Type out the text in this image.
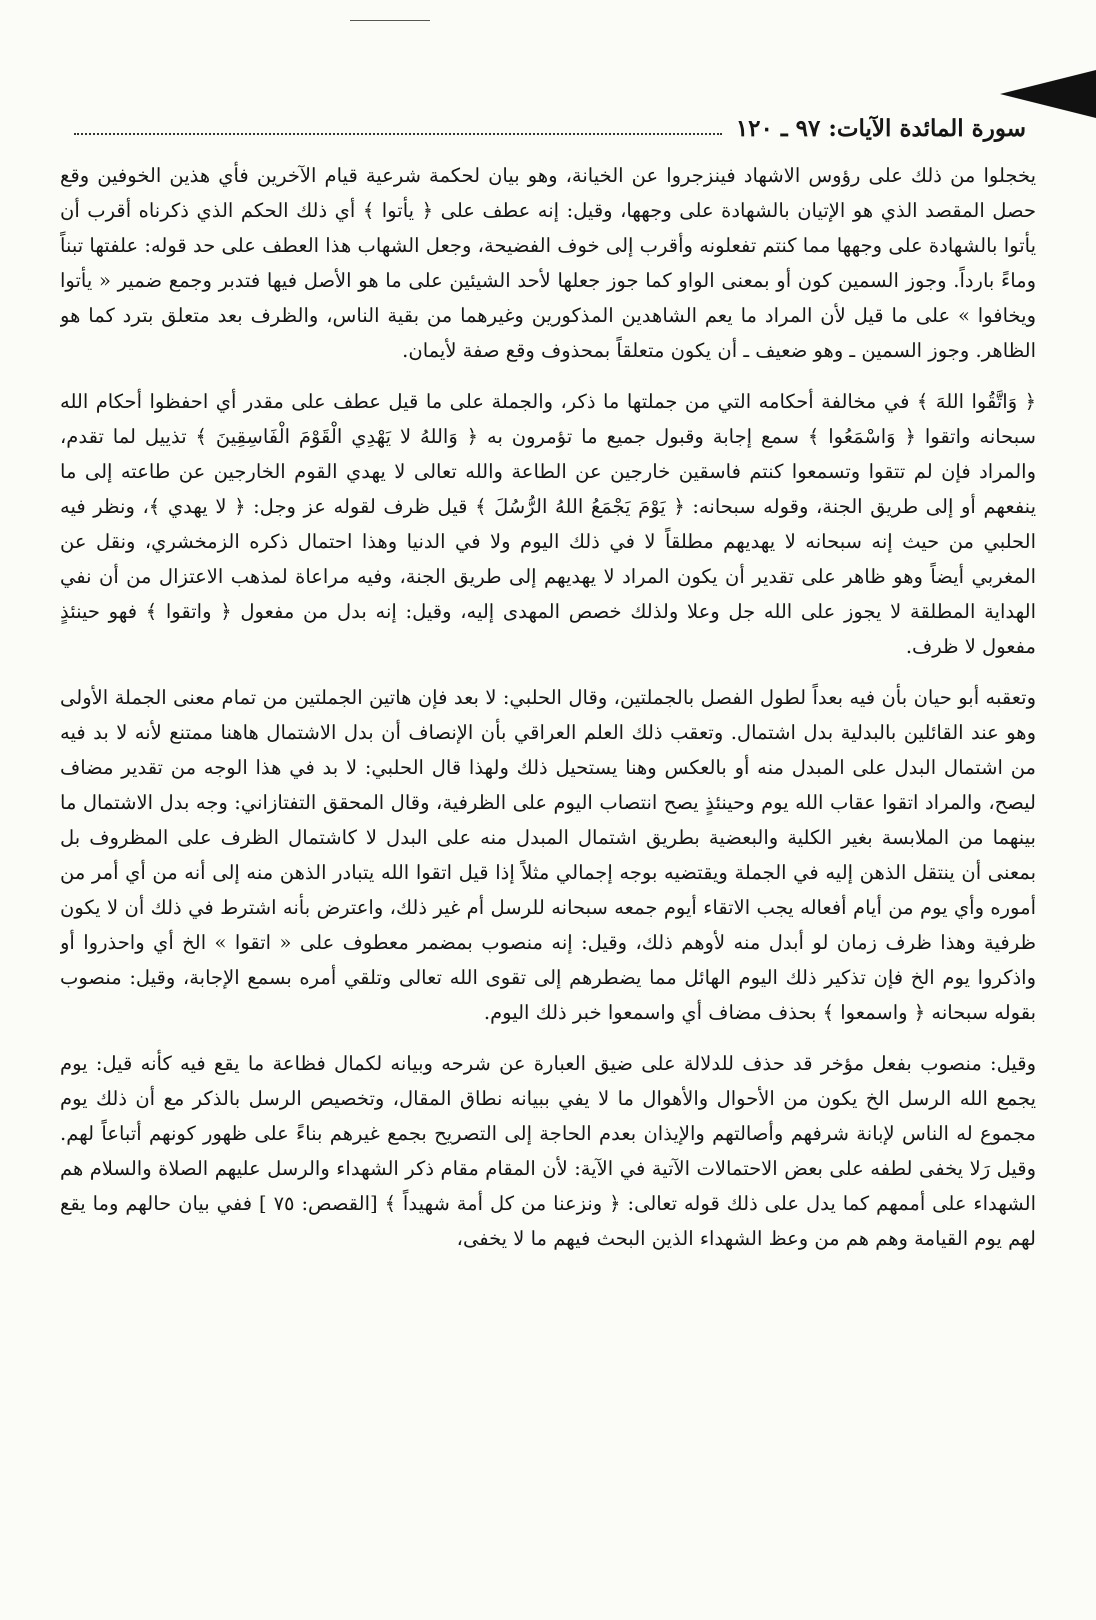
سورة المائدة الآيات: ٩٧ ـ ١٢٠

يخجلوا من ذلك على رؤوس الاشهاد فينزجروا عن الخيانة، وهو بيان لحكمة شرعية قيام الآخرين فأي هذين الخوفين وقع حصل المقصد الذي هو الإتيان بالشهادة على وجهها، وقيل: إنه عطف على ﴿ يأتوا ﴾ أي ذلك الحكم الذي ذكرناه أقرب أن يأتوا بالشهادة على وجهها مما كنتم تفعلونه وأقرب إلى خوف الفضيحة، وجعل الشهاب هذا العطف على حد قوله: علفتها تبناً وماءً بارداً. وجوز السمين كون أو بمعنى الواو كما جوز جعلها لأحد الشيئين على ما هو الأصل فيها فتدبر وجمع ضمير « يأتوا ويخافوا » على ما قيل لأن المراد ما يعم الشاهدين المذكورين وغيرهما من بقية الناس، والظرف بعد متعلق بترد كما هو الظاهر. وجوز السمين ـ وهو ضعيف ـ أن يكون متعلقاً بمحذوف وقع صفة لأيمان.

﴿ وَاتَّقُوا اللهَ ﴾ في مخالفة أحكامه التي من جملتها ما ذكر، والجملة على ما قيل عطف على مقدر أي احفظوا أحكام الله سبحانه واتقوا ﴿ وَاسْمَعُوا ﴾ سمع إجابة وقبول جميع ما تؤمرون به ﴿ وَاللهُ لا يَهْدِي الْقَوْمَ الْفَاسِقِينَ ﴾ تذييل لما تقدم، والمراد فإن لم تتقوا وتسمعوا كنتم فاسقين خارجين عن الطاعة والله تعالى لا يهدي القوم الخارجين عن طاعته إلى ما ينفعهم أو إلى طريق الجنة، وقوله سبحانه: ﴿ يَوْمَ يَجْمَعُ اللهُ الرُّسُلَ ﴾ قيل ظرف لقوله عز وجل: ﴿ لا يهدي ﴾، ونظر فيه الحلبي من حيث إنه سبحانه لا يهديهم مطلقاً لا في ذلك اليوم ولا في الدنيا وهذا احتمال ذكره الزمخشري، ونقل عن المغربي أيضاً وهو ظاهر على تقدير أن يكون المراد لا يهديهم إلى طريق الجنة، وفيه مراعاة لمذهب الاعتزال من أن نفي الهداية المطلقة لا يجوز على الله جل وعلا ولذلك خصص المهدى إليه، وقيل: إنه بدل من مفعول ﴿ واتقوا ﴾ فهو حينئذٍ مفعول لا ظرف.

وتعقبه أبو حيان بأن فيه بعداً لطول الفصل بالجملتين، وقال الحلبي: لا بعد فإن هاتين الجملتين من تمام معنى الجملة الأولى وهو عند القائلين بالبدلية بدل اشتمال. وتعقب ذلك العلم العراقي بأن الإنصاف أن بدل الاشتمال هاهنا ممتنع لأنه لا بد فيه من اشتمال البدل على المبدل منه أو بالعكس وهنا يستحيل ذلك ولهذا قال الحلبي: لا بد في هذا الوجه من تقدير مضاف ليصح، والمراد اتقوا عقاب الله يوم وحينئذٍ يصح انتصاب اليوم على الظرفية، وقال المحقق التفتازاني: وجه بدل الاشتمال ما بينهما من الملابسة بغير الكلية والبعضية بطريق اشتمال المبدل منه على البدل لا كاشتمال الظرف على المظروف بل بمعنى أن ينتقل الذهن إليه في الجملة ويقتضيه بوجه إجمالي مثلاً إذا قيل اتقوا الله يتبادر الذهن منه إلى أنه من أي أمر من أموره وأي يوم من أيام أفعاله يجب الاتقاء أيوم جمعه سبحانه للرسل أم غير ذلك، واعترض بأنه اشترط في ذلك أن لا يكون ظرفية وهذا ظرف زمان لو أبدل منه لأوهم ذلك، وقيل: إنه منصوب بمضمر معطوف على « اتقوا » الخ أي واحذروا أو واذكروا يوم الخ فإن تذكير ذلك اليوم الهائل مما يضطرهم إلى تقوى الله تعالى وتلقي أمره بسمع الإجابة، وقيل: منصوب بقوله سبحانه ﴿ واسمعوا ﴾ بحذف مضاف أي واسمعوا خبر ذلك اليوم.

وقيل: منصوب بفعل مؤخر قد حذف للدلالة على ضيق العبارة عن شرحه وبيانه لكمال فظاعة ما يقع فيه كأنه قيل: يوم يجمع الله الرسل الخ يكون من الأحوال والأهوال ما لا يفي ببيانه نطاق المقال، وتخصيص الرسل بالذكر مع أن ذلك يوم مجموع له الناس لإبانة شرفهم وأصالتهم والإيذان بعدم الحاجة إلى التصريح بجمع غيرهم بناءً على ظهور كونهم أتباعاً لهم. وقيل رَلا يخفى لطفه على بعض الاحتمالات الآتية في الآية: لأن المقام مقام ذكر الشهداء والرسل عليهم الصلاة والسلام هم الشهداء على أممهم كما يدل على ذلك قوله تعالى: ﴿ ونزعنا من كل أمة شهيداً ﴾ [القصص: ٧٥ ] ففي بيان حالهم وما يقع لهم يوم القيامة وهم هم من وعظ الشهداء الذين البحث فيهم ما لا يخفى،
